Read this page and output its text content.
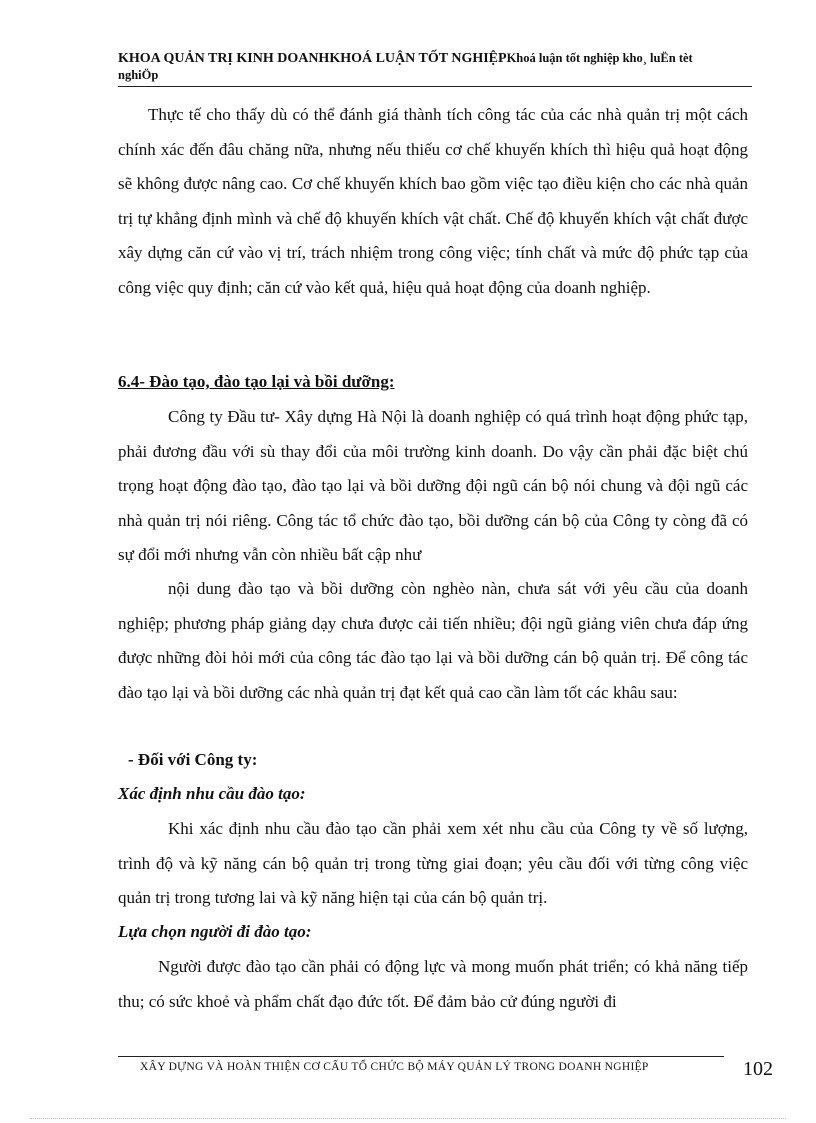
KHOA QUẢN TRỊ KINH DOANHKHOÁ LUẬN TỐT NGHIỆPKhoá luận tốt nghiệp kho¸ luËn tèt
nghiÖp

Thực tế cho thấy dù có thể đánh giá thành tích công tác của các nhà quản trị một cách chính xác đến đâu chăng nữa, nhưng nếu thiếu cơ chế khuyến khích thì hiệu quả hoạt động sẽ không được nâng cao. Cơ chế khuyến khích bao gồm việc tạo điều kiện cho các nhà quản trị tự khẳng định mình và chế độ khuyến khích vật chất. Chế độ khuyến khích vật chất được xây dựng căn cứ vào vị trí, trách nhiệm trong công việc; tính chất và mức độ phức tạp của công việc quy định; căn cứ vào kết quả, hiệu quả hoạt động của doanh nghiệp.

6.4- Đào tạo, đào tạo lại và bồi dưỡng:

Công ty Đầu tư- Xây dựng Hà Nội là doanh nghiệp có quá trình hoạt động phức tạp, phải đương đầu với sù thay đổi của môi trường kinh doanh. Do vậy cần phải đặc biệt chú trọng hoạt động đào tạo, đào tạo lại và bồi dưỡng đội ngũ cán bộ nói chung và đội ngũ các nhà quản trị nói riêng. Công tác tổ chức đào tạo, bồi dưỡng cán bộ của Công ty còng đã có sự đổi mới nhưng vẫn còn nhiều bất cập như

nội dung đào tạo và bồi dưỡng còn nghèo nàn, chưa sát với yêu cầu của doanh nghiệp; phương pháp giảng dạy chưa được cải tiến nhiều; đội ngũ giảng viên chưa đáp ứng được những đòi hỏi mới của công tác đào tạo lại và bồi dưỡng cán bộ quản trị. Để công tác đào tạo lại và bồi dưỡng các nhà quản trị đạt kết quả cao cần làm tốt các khâu sau:

- Đối với Công ty:

Xác định nhu cầu đào tạo:

Khi xác định nhu cầu đào tạo cần phải xem xét nhu cầu của Công ty về số lượng, trình độ và kỹ năng cán bộ quản trị trong từng giai đoạn; yêu cầu đối với từng công việc quản trị trong tương lai và kỹ năng hiện tại của cán bộ quản trị.

Lựa chọn người đi đào tạo:

Người được đào tạo cần phải có động lực và mong muốn phát triển; có khả năng tiếp thu; có sức khoẻ và phẩm chất đạo đức tốt. Để đảm bảo cử đúng người đi

XÂY DỰNG VÀ HOÀN THIỆN CƠ CẤU TỔ CHỨC BỘ MÁY QUẢN LÝ TRONG DOANH NGHIỆP	102
